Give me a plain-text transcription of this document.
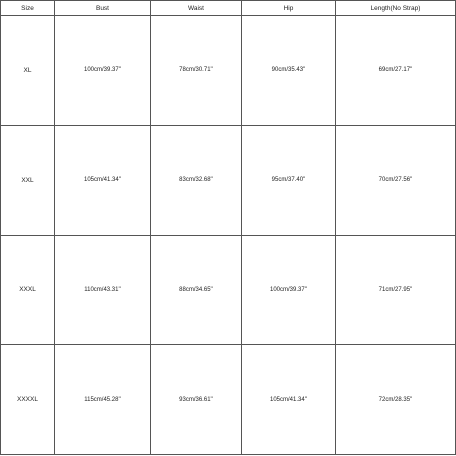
Size	Bust	Waist	Hip	Length(No Strap)
XL	100cm/39.37''	78cm/30.71''	90cm/35.43''	69cm/27.17''
XXL	105cm/41.34''	83cm/32.68''	95cm/37.40''	70cm/27.56''
XXXL	110cm/43.31''	88cm/34.65''	100cm/39.37''	71cm/27.95''
XXXXL	115cm/45.28''	93cm/36.61''	105cm/41.34''	72cm/28.35''
